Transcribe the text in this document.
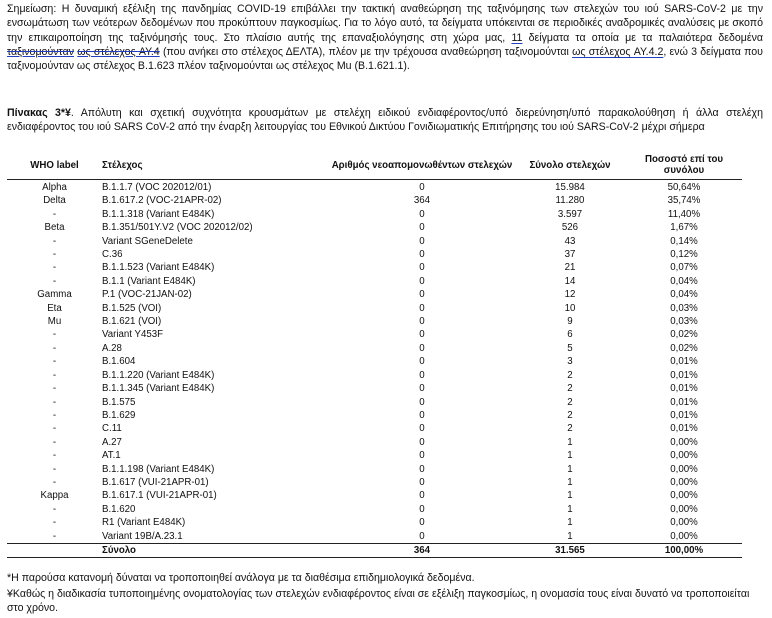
Σημείωση: Η δυναμική εξέλιξη της πανδημίας COVID-19 επιβάλλει την τακτική αναθεώρηση της ταξινόμησης των στελεχών του ιού SARS-CoV-2 με την ενσωμάτωση των νεότερων δεδομένων που προκύπτουν παγκοσμίως. Για το λόγο αυτό, τα δείγματα υπόκεινται σε περιοδικές αναδρομικές αναλύσεις με σκοπό την επικαιροποίηση της ταξινόμησής τους. Στο πλαίσιο αυτής της επαναξιολόγησης στη χώρα μας, 11 δείγματα τα οποία με τα παλαιότερα δεδομένα ταξινομούνταν ως στέλεχος AY.4 (που ανήκει στο στέλεχος ΔΕΛΤΑ), πλέον με την τρέχουσα αναθεώρηση ταξινομούνται ως στέλεχος AY.4.2, ενώ 3 δείγματα που ταξινομούνταν ως στέλεχος B.1.623 πλέον ταξινομούνται ως στέλεχος Mu (B.1.621.1).
Πίνακας 3*¥. Απόλυτη και σχετική συχνότητα κρουσμάτων με στελέχη ειδικού ενδιαφέροντος/υπό διερεύνηση/υπό παρακολούθηση ή άλλα στελέχη ενδιαφέροντος του ιού SARS CoV-2 από την έναρξη λειτουργίας του Εθνικού Δικτύου Γονιδιωματικής Επιτήρησης του ιού SARS-CoV-2 μέχρι σήμερα
WHO label	Στέλεχος	Αριθμός νεοαπομονωθέντων στελεχών	Σύνολο στελεχών	Ποσοστό επί του συνόλου
Alpha	B.1.1.7 (VOC 202012/01)	0	15.984	50,64%
Delta	B.1.617.2 (VOC-21APR-02)	364	11.280	35,74%
-	B.1.1.318 (Variant E484K)	0	3.597	11,40%
Beta	B.1.351/501Y.V2 (VOC 202012/02)	0	526	1,67%
-	Variant SGeneDelete	0	43	0,14%
-	C.36	0	37	0,12%
-	B.1.1.523 (Variant E484K)	0	21	0,07%
-	B.1.1 (Variant E484K)	0	14	0,04%
Gamma	P.1 (VOC-21JAN-02)	0	12	0,04%
Eta	B.1.525 (VOI)	0	10	0,03%
Mu	B.1.621 (VOI)	0	9	0,03%
-	Variant Y453F	0	6	0,02%
-	A.28	0	5	0,02%
-	B.1.604	0	3	0,01%
-	B.1.1.220 (Variant E484K)	0	2	0,01%
-	B.1.1.345 (Variant E484K)	0	2	0,01%
-	B.1.575	0	2	0,01%
-	B.1.629	0	2	0,01%
-	C.11	0	2	0,01%
-	A.27	0	1	0,00%
-	AT.1	0	1	0,00%
-	B.1.1.198 (Variant E484K)	0	1	0,00%
-	B.1.617 (VUI-21APR-01)	0	1	0,00%
Kappa	B.1.617.1 (VUI-21APR-01)	0	1	0,00%
-	B.1.620	0	1	0,00%
-	R1 (Variant E484K)	0	1	0,00%
-	Variant 19B/A.23.1	0	1	0,00%
	Σύνολο	364	31.565	100,00%
*Η παρούσα κατανομή δύναται να τροποποιηθεί ανάλογα με τα διαθέσιμα επιδημιολογικά δεδομένα.
¥Καθώς η διαδικασία τυποποιημένης ονοματολογίας των στελεχών ενδιαφέροντος είναι σε εξέλιξη παγκοσμίως, η ονομασία τους είναι δυνατό να τροποποιείται στο χρόνο.
